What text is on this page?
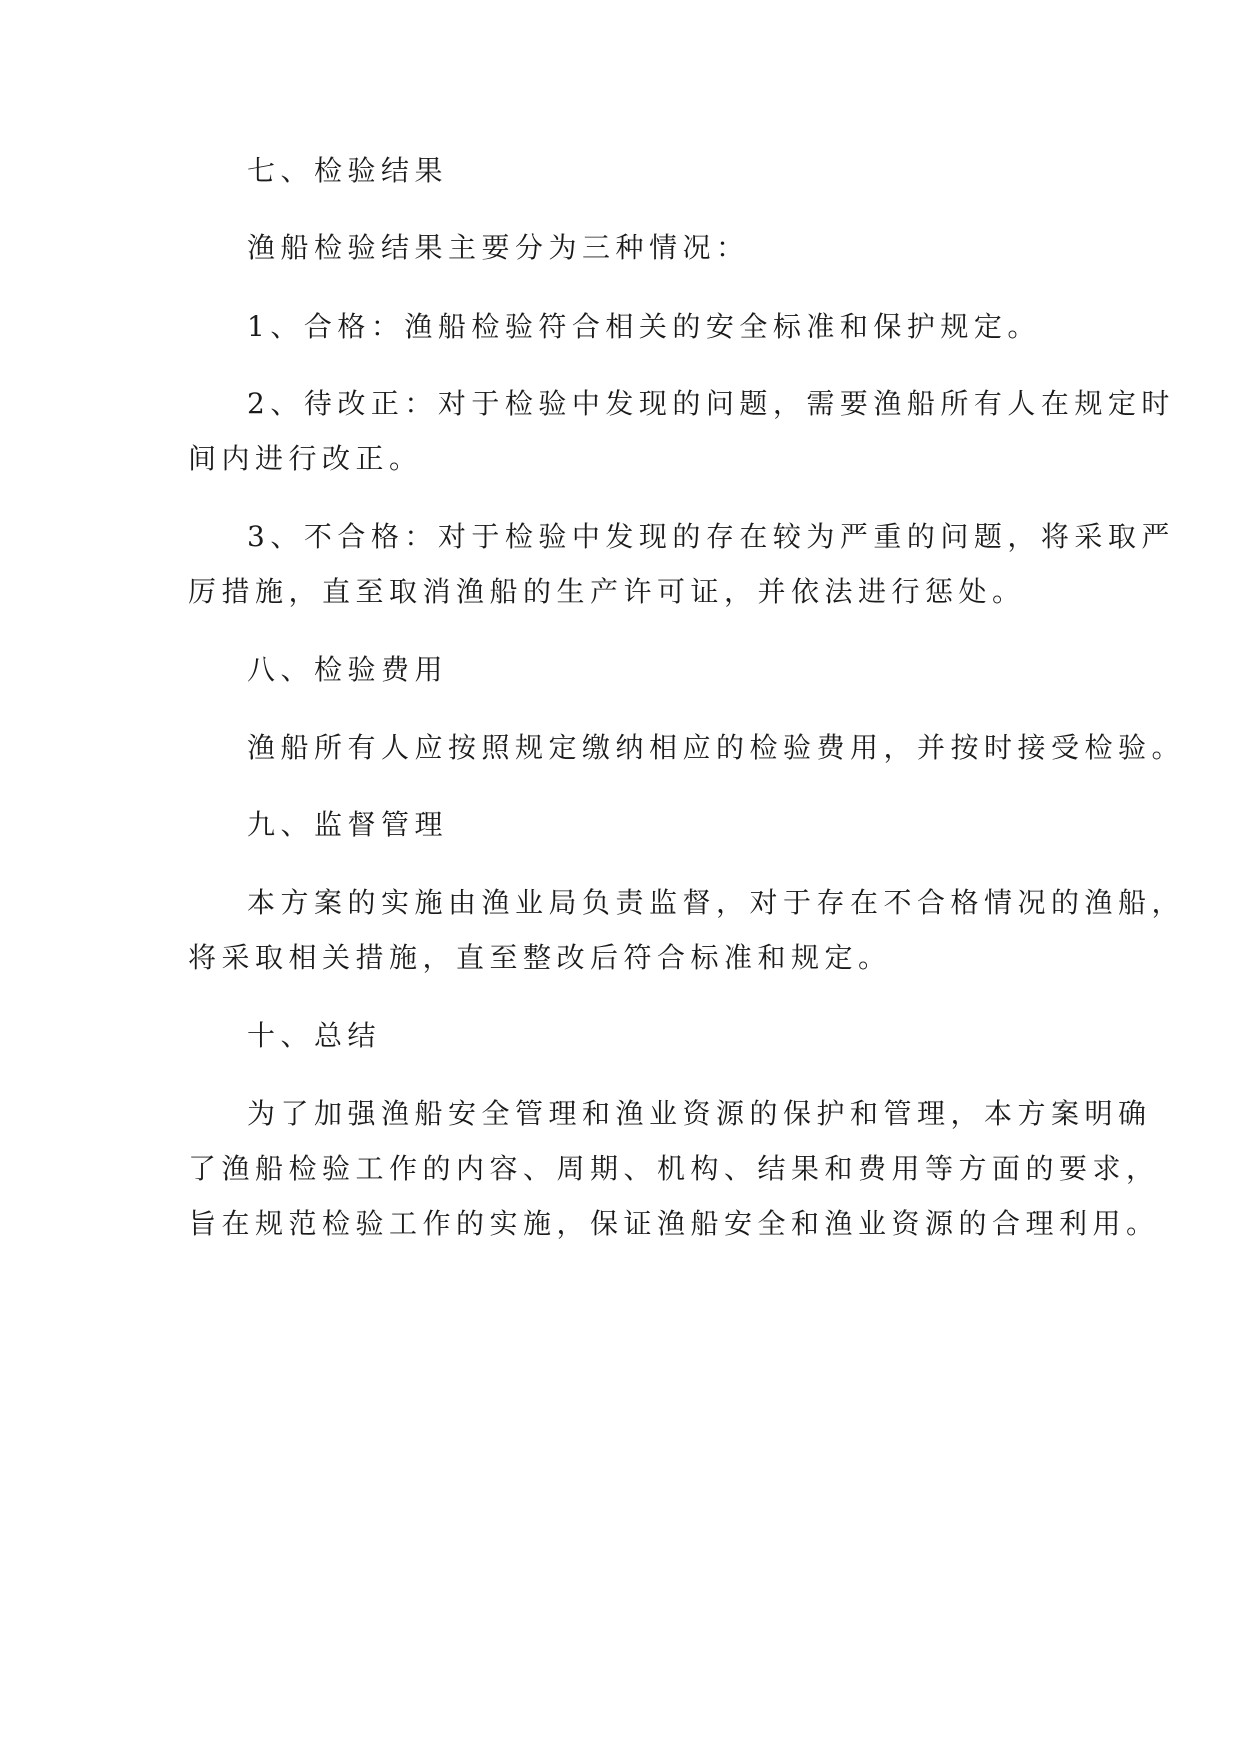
七、检验结果

渔船检验结果主要分为三种情况：

1、合格：渔船检验符合相关的安全标准和保护规定。

2、待改正：对于检验中发现的问题，需要渔船所有人在规定时

间内进行改正。

3、不合格：对于检验中发现的存在较为严重的问题，将采取严

厉措施，直至取消渔船的生产许可证，并依法进行惩处。

八、检验费用

渔船所有人应按照规定缴纳相应的检验费用，并按时接受检验。

九、监督管理

本方案的实施由渔业局负责监督，对于存在不合格情况的渔船，

将采取相关措施，直至整改后符合标准和规定。

十、总结

为了加强渔船安全管理和渔业资源的保护和管理，本方案明确

了渔船检验工作的内容、周期、机构、结果和费用等方面的要求，

旨在规范检验工作的实施，保证渔船安全和渔业资源的合理利用。
